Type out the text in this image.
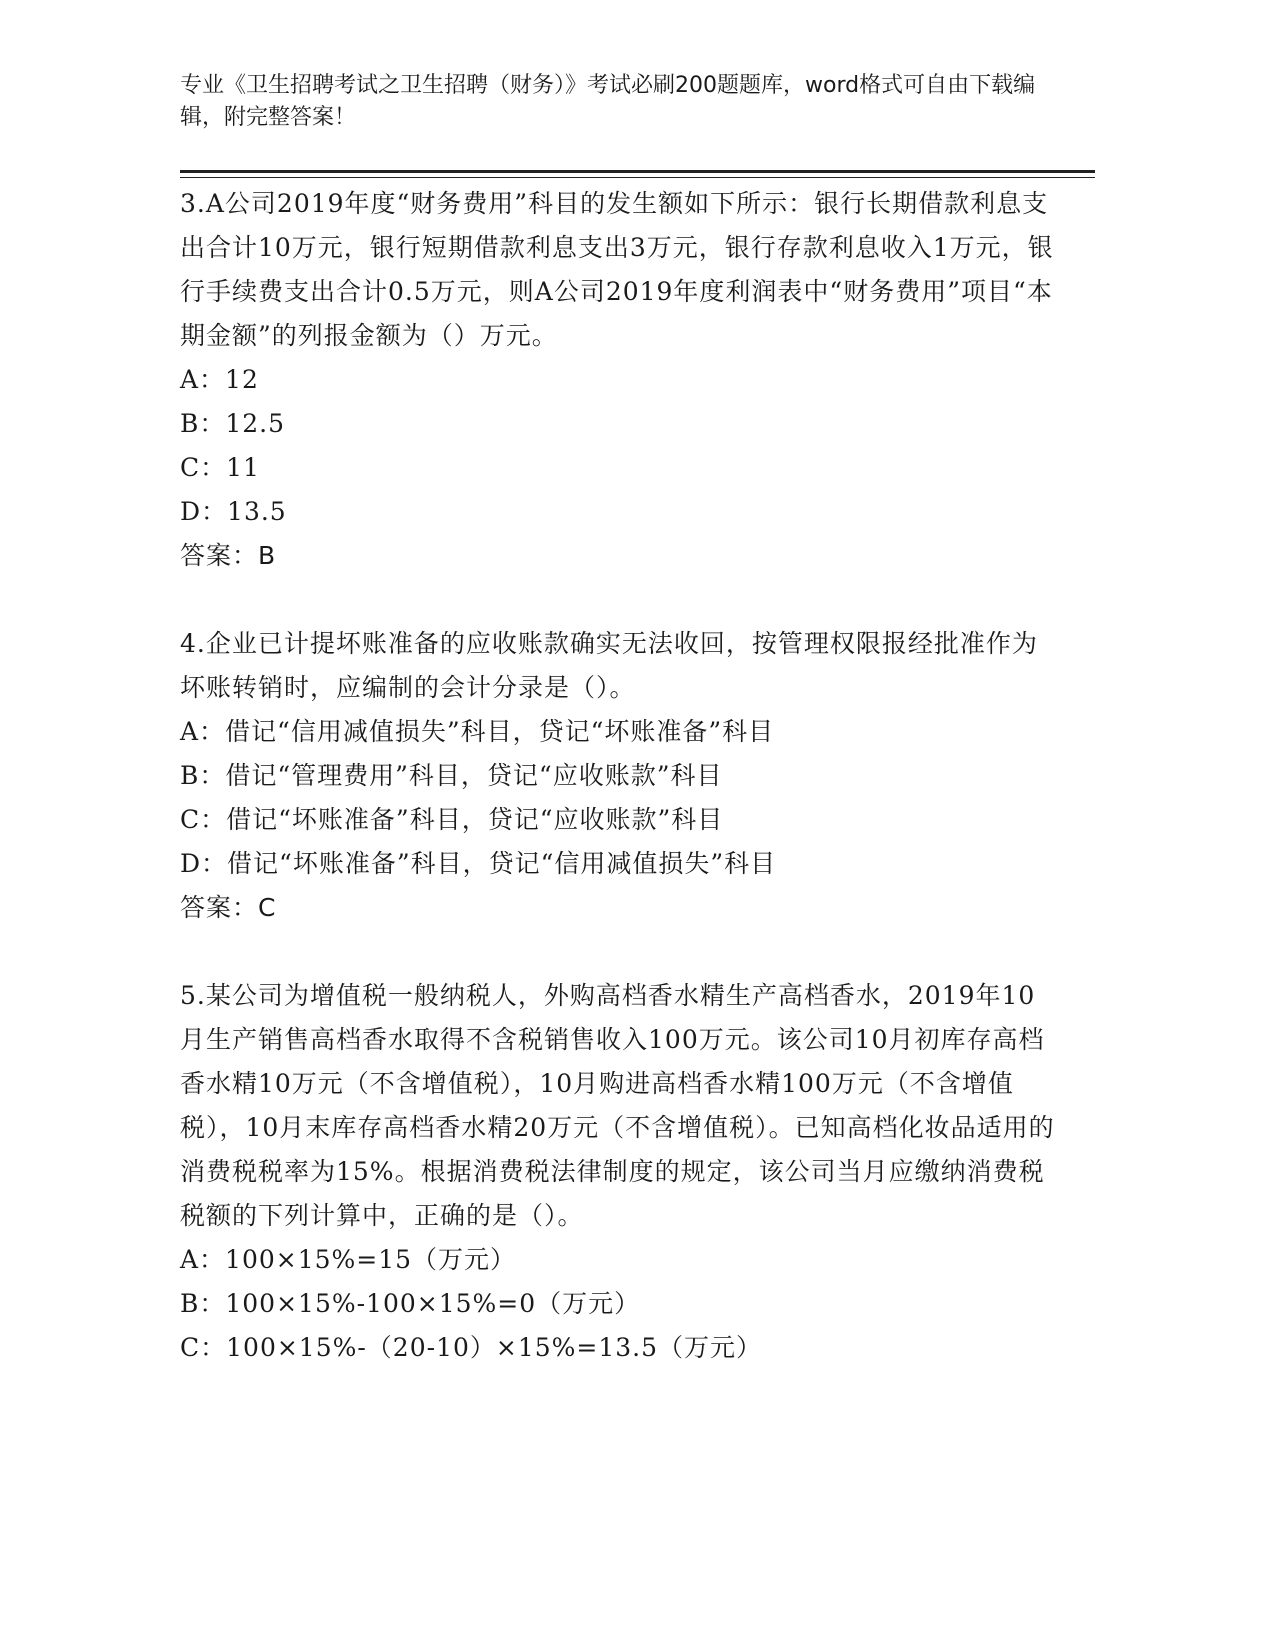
专业《卫生招聘考试之卫生招聘（财务）》考试必刷200题题库，word格式可自由下载编辑，附完整答案！

3.A公司2019年度“财务费用”科目的发生额如下所示：银行长期借款利息支出合计10万元，银行短期借款利息支出3万元，银行存款利息收入1万元，银行手续费支出合计0.5万元，则A公司2019年度利润表中“财务费用”项目“本期金额”的列报金额为（）万元。

A：12

B：12.5

C：11

D：13.5

答案：B

4.企业已计提坏账准备的应收账款确实无法收回，按管理权限报经批准作为坏账转销时，应编制的会计分录是（）。

A：借记“信用减值损失”科目，贷记“坏账准备”科目

B：借记“管理费用”科目，贷记“应收账款”科目

C：借记“坏账准备”科目，贷记“应收账款”科目

D：借记“坏账准备”科目，贷记“信用减值损失”科目

答案：C

5.某公司为增值税一般纳税人，外购高档香水精生产高档香水，2019年10月生产销售高档香水取得不含税销售收入100万元。该公司10月初库存高档香水精10万元（不含增值税），10月购进高档香水精100万元（不含增值税），10月末库存高档香水精20万元（不含增值税）。已知高档化妆品适用的消费税税率为15%。根据消费税法律制度的规定，该公司当月应缴纳消费税税额的下列计算中，正确的是（）。

A：100×15%=15（万元）

B：100×15%-100×15%=0（万元）

C：100×15%-（20-10）×15%=13.5（万元）
